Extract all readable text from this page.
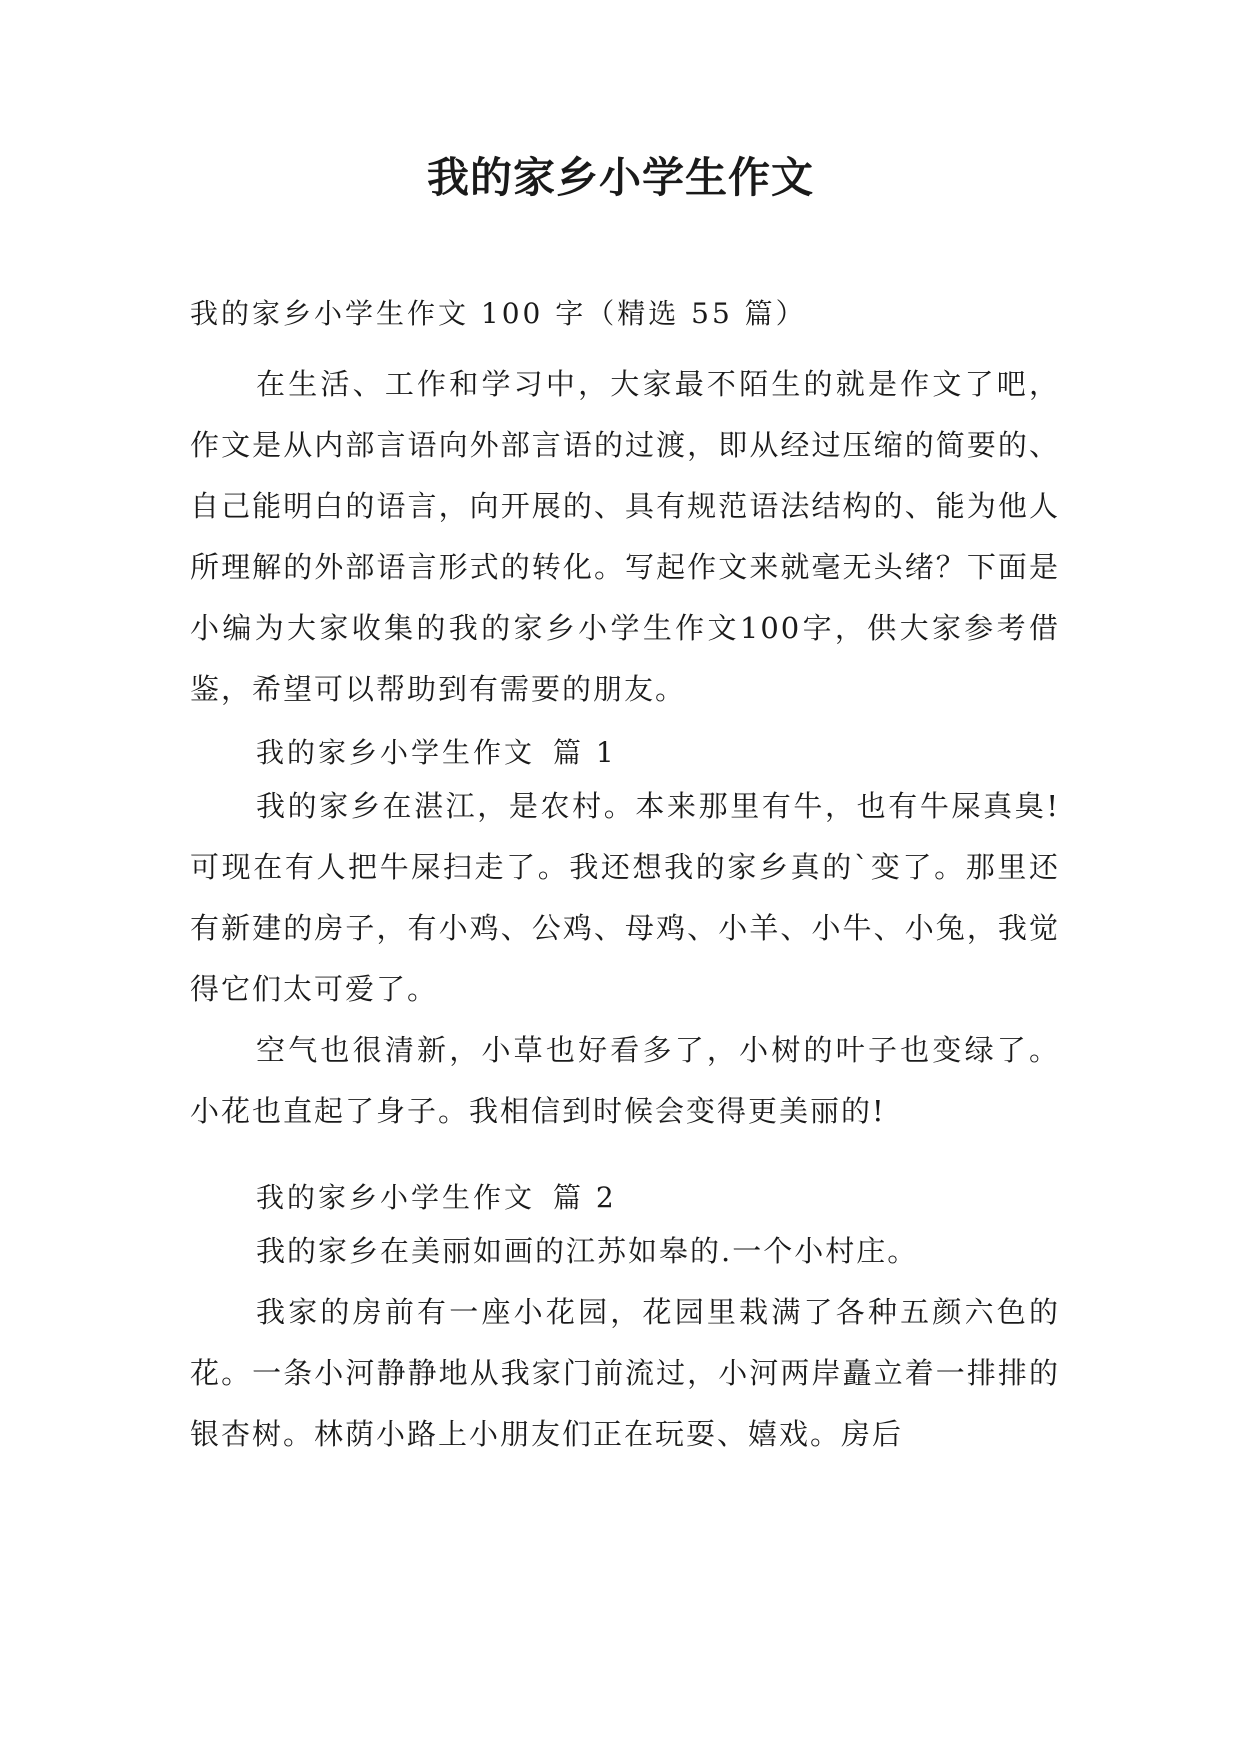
我的家乡小学生作文
我的家乡小学生作文 100 字（精选 55 篇）

在生活、工作和学习中，大家最不陌生的就是作文了吧，作文是从内部言语向外部言语的过渡，即从经过压缩的简要的、自己能明白的语言，向开展的、具有规范语法结构的、能为他人所理解的外部语言形式的转化。写起作文来就毫无头绪？下面是小编为大家收集的我的家乡小学生作文100字，供大家参考借鉴，希望可以帮助到有需要的朋友。

我的家乡小学生作文 篇 1

我的家乡在湛江，是农村。本来那里有牛，也有牛屎真臭!可现在有人把牛屎扫走了。我还想我的家乡真的`变了。那里还有新建的房子，有小鸡、公鸡、母鸡、小羊、小牛、小兔，我觉得它们太可爱了。

空气也很清新，小草也好看多了，小树的叶子也变绿了。小花也直起了身子。我相信到时候会变得更美丽的!

我的家乡小学生作文 篇 2

我的家乡在美丽如画的江苏如皋的.一个小村庄。

我家的房前有一座小花园，花园里栽满了各种五颜六色的花。一条小河静静地从我家门前流过，小河两岸矗立着一排排的银杏树。林荫小路上小朋友们正在玩耍、嬉戏。房后
